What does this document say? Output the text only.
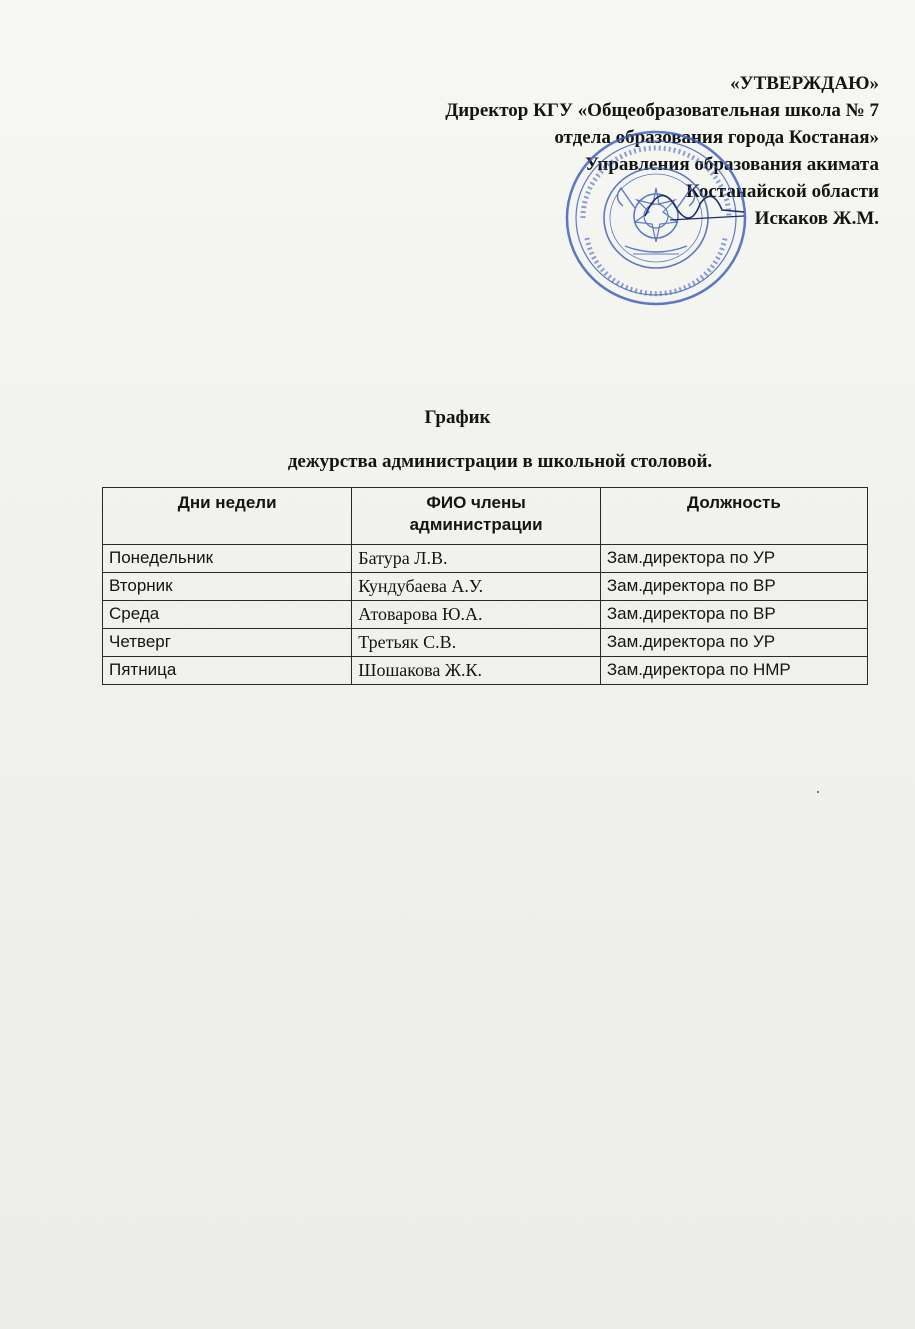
«УТВЕРЖДАЮ»
Директор КГУ «Общеобразовательная школа № 7
отдела образования города Костаная»
Управления образования акимата
Костанайской области
Искаков Ж.М.
График
дежурства администрации в школьной столовой.
Дни недели	ФИО члены администрации	Должность
Понедельник	Батура Л.В.	Зам.директора по УР
Вторник	Кундубаева А.У.	Зам.директора по ВР
Среда	Атоварова Ю.А.	Зам.директора по ВР
Четверг	Третьяк С.В.	Зам.директора по УР
Пятница	Шошакова Ж.К.	Зам.директора по НМР
